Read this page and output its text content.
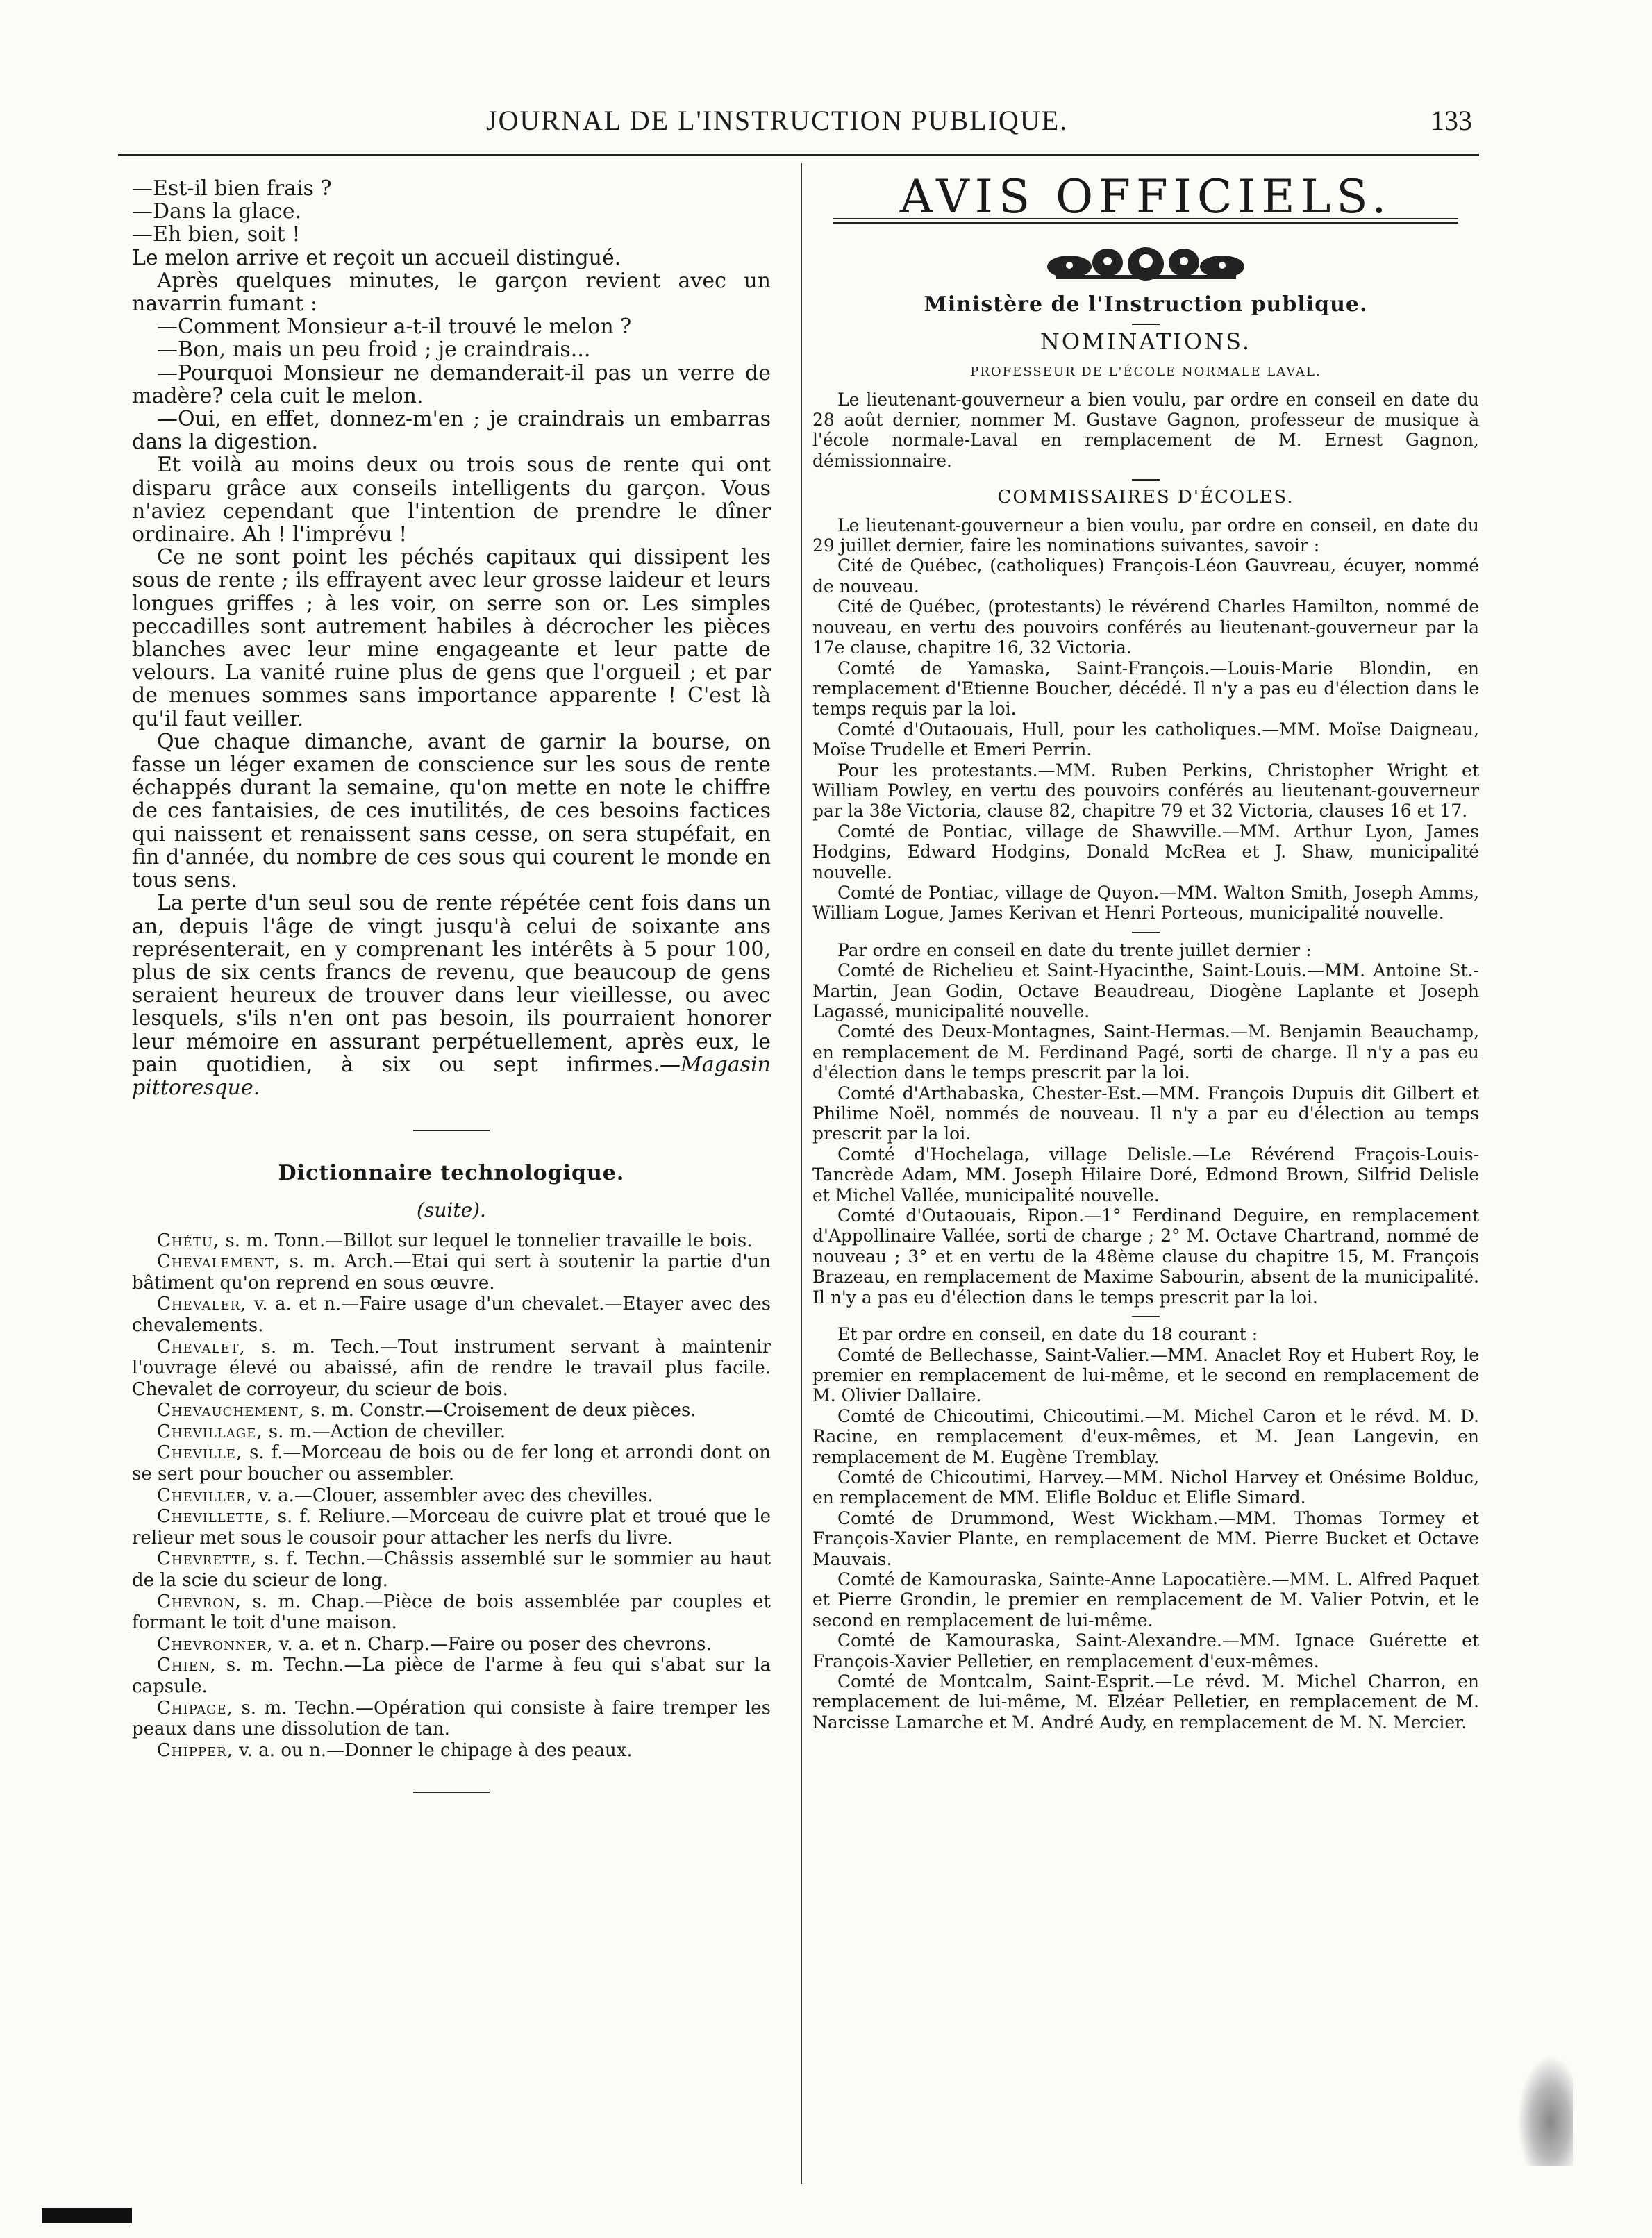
JOURNAL DE L'INSTRUCTION PUBLIQUE.	133

—Est-il bien frais ?

—Dans la glace.

—Eh bien, soit !

Le melon arrive et reçoit un accueil distingué.

Après quelques minutes, le garçon revient avec un navarrin fumant :

—Comment Monsieur a-t-il trouvé le melon ?

—Bon, mais un peu froid ; je craindrais...

—Pourquoi Monsieur ne demanderait-il pas un verre de madère? cela cuit le melon.

—Oui, en effet, donnez-m'en ; je craindrais un embarras dans la digestion.

Et voilà au moins deux ou trois sous de rente qui ont disparu grâce aux conseils intelligents du garçon. Vous n'aviez cependant que l'intention de prendre le dîner ordinaire. Ah ! l'imprévu !

Ce ne sont point les péchés capitaux qui dissipent les sous de rente ; ils effrayent avec leur grosse laideur et leurs longues griffes ; à les voir, on serre son or. Les simples peccadilles sont autrement habiles à décrocher les pièces blanches avec leur mine engageante et leur patte de velours. La vanité ruine plus de gens que l'orgueil ; et par de menues sommes sans importance apparente ! C'est là qu'il faut veiller.

Que chaque dimanche, avant de garnir la bourse, on fasse un léger examen de conscience sur les sous de rente échappés durant la semaine, qu'on mette en note le chiffre de ces fantaisies, de ces inutilités, de ces besoins factices qui naissent et renaissent sans cesse, on sera stupéfait, en fin d'année, du nombre de ces sous qui courent le monde en tous sens.

La perte d'un seul sou de rente répétée cent fois dans un an, depuis l'âge de vingt jusqu'à celui de soixante ans représenterait, en y comprenant les intérêts à 5 pour 100, plus de six cents francs de revenu, que beaucoup de gens seraient heureux de trouver dans leur vieillesse, ou avec lesquels, s'ils n'en ont pas besoin, ils pourraient honorer leur mémoire en assurant perpétuellement, après eux, le pain quotidien, à six ou sept infirmes.—Magasin pittoresque.

Dictionnaire technologique.
(suite).

Chétu, s. m. Tonn.—Billot sur lequel le tonnelier travaille le bois.

Chevalement, s. m. Arch.—Etai qui sert à soutenir la partie d'un bâtiment qu'on reprend en sous œuvre.

Chevaler, v. a. et n.—Faire usage d'un chevalet.—Etayer avec des chevalements.

Chevalet, s. m. Tech.—Tout instrument servant à maintenir l'ouvrage élevé ou abaissé, afin de rendre le travail plus facile. Chevalet de corroyeur, du scieur de bois.

Chevauchement, s. m. Constr.—Croisement de deux pièces.

Chevillage, s. m.—Action de cheviller.

Cheville, s. f.—Morceau de bois ou de fer long et arrondi dont on se sert pour boucher ou assembler.

Cheviller, v. a.—Clouer, assembler avec des chevilles.

Chevillette, s. f. Reliure.—Morceau de cuivre plat et troué que le relieur met sous le cousoir pour attacher les nerfs du livre.

Chevrette, s. f. Techn.—Châssis assemblé sur le sommier au haut de la scie du scieur de long.

Chevron, s. m. Chap.—Pièce de bois assemblée par couples et formant le toit d'une maison.

Chevronner, v. a. et n. Charp.—Faire ou poser des chevrons.

Chien, s. m. Techn.—La pièce de l'arme à feu qui s'abat sur la capsule.

Chipage, s. m. Techn.—Opération qui consiste à faire tremper les peaux dans une dissolution de tan.

Chipper, v. a. ou n.—Donner le chipage à des peaux.

AVIS OFFICIELS.
Ministère de l'Instruction publique.
NOMINATIONS.
PROFESSEUR DE L'ÉCOLE NORMALE LAVAL.

Le lieutenant-gouverneur a bien voulu, par ordre en conseil en date du 28 août dernier, nommer M. Gustave Gagnon, professeur de musique à l'école normale-Laval en remplacement de M. Ernest Gagnon, démissionnaire.

COMMISSAIRES D'ÉCOLES.

Le lieutenant-gouverneur a bien voulu, par ordre en conseil, en date du 29 juillet dernier, faire les nominations suivantes, savoir :

Cité de Québec, (catholiques) François-Léon Gauvreau, écuyer, nommé de nouveau.

Cité de Québec, (protestants) le révérend Charles Hamilton, nommé de nouveau, en vertu des pouvoirs conférés au lieutenant-gouverneur par la 17e clause, chapitre 16, 32 Victoria.

Comté de Yamaska, Saint-François.—Louis-Marie Blondin, en remplacement d'Etienne Boucher, décédé. Il n'y a pas eu d'élection dans le temps requis par la loi.

Comté d'Outaouais, Hull, pour les catholiques.—MM. Moïse Daigneau, Moïse Trudelle et Emeri Perrin.

Pour les protestants.—MM. Ruben Perkins, Christopher Wright et William Powley, en vertu des pouvoirs conférés au lieutenant-gouverneur par la 38e Victoria, clause 82, chapitre 79 et 32 Victoria, clauses 16 et 17.

Comté de Pontiac, village de Shawville.—MM. Arthur Lyon, James Hodgins, Edward Hodgins, Donald McRea et J. Shaw, municipalité nouvelle.

Comté de Pontiac, village de Quyon.—MM. Walton Smith, Joseph Amms, William Logue, James Kerivan et Henri Porteous, municipalité nouvelle.

Par ordre en conseil en date du trente juillet dernier :

Comté de Richelieu et Saint-Hyacinthe, Saint-Louis.—MM. Antoine St.-Martin, Jean Godin, Octave Beaudreau, Diogène Laplante et Joseph Lagassé, municipalité nouvelle.

Comté des Deux-Montagnes, Saint-Hermas.—M. Benjamin Beauchamp, en remplacement de M. Ferdinand Pagé, sorti de charge. Il n'y a pas eu d'élection dans le temps prescrit par la loi.

Comté d'Arthabaska, Chester-Est.—MM. François Dupuis dit Gilbert et Philime Noël, nommés de nouveau. Il n'y a par eu d'élection au temps prescrit par la loi.

Comté d'Hochelaga, village Delisle.—Le Révérend Fraçois-Louis-Tancrède Adam, MM. Joseph Hilaire Doré, Edmond Brown, Silfrid Delisle et Michel Vallée, municipalité nouvelle.

Comté d'Outaouais, Ripon.—1° Ferdinand Deguire, en remplacement d'Appollinaire Vallée, sorti de charge ; 2° M. Octave Chartrand, nommé de nouveau ; 3° et en vertu de la 48ème clause du chapitre 15, M. François Brazeau, en remplacement de Maxime Sabourin, absent de la municipalité. Il n'y a pas eu d'élection dans le temps prescrit par la loi.

Et par ordre en conseil, en date du 18 courant :

Comté de Bellechasse, Saint-Valier.—MM. Anaclet Roy et Hubert Roy, le premier en remplacement de lui-même, et le second en remplacement de M. Olivier Dallaire.

Comté de Chicoutimi, Chicoutimi.—M. Michel Caron et le révd. M. D. Racine, en remplacement d'eux-mêmes, et M. Jean Langevin, en remplacement de M. Eugène Tremblay.

Comté de Chicoutimi, Harvey.—MM. Nichol Harvey et Onésime Bolduc, en remplacement de MM. Elifle Bolduc et Elifle Simard.

Comté de Drummond, West Wickham.—MM. Thomas Tormey et François-Xavier Plante, en remplacement de MM. Pierre Bucket et Octave Mauvais.

Comté de Kamouraska, Sainte-Anne Lapocatière.—MM. L. Alfred Paquet et Pierre Grondin, le premier en remplacement de M. Valier Potvin, et le second en remplacement de lui-même.

Comté de Kamouraska, Saint-Alexandre.—MM. Ignace Guérette et François-Xavier Pelletier, en remplacement d'eux-mêmes.

Comté de Montcalm, Saint-Esprit.—Le révd. M. Michel Charron, en remplacement de lui-même, M. Elzéar Pelletier, en remplacement de M. Narcisse Lamarche et M. André Audy, en remplacement de M. N. Mercier.
